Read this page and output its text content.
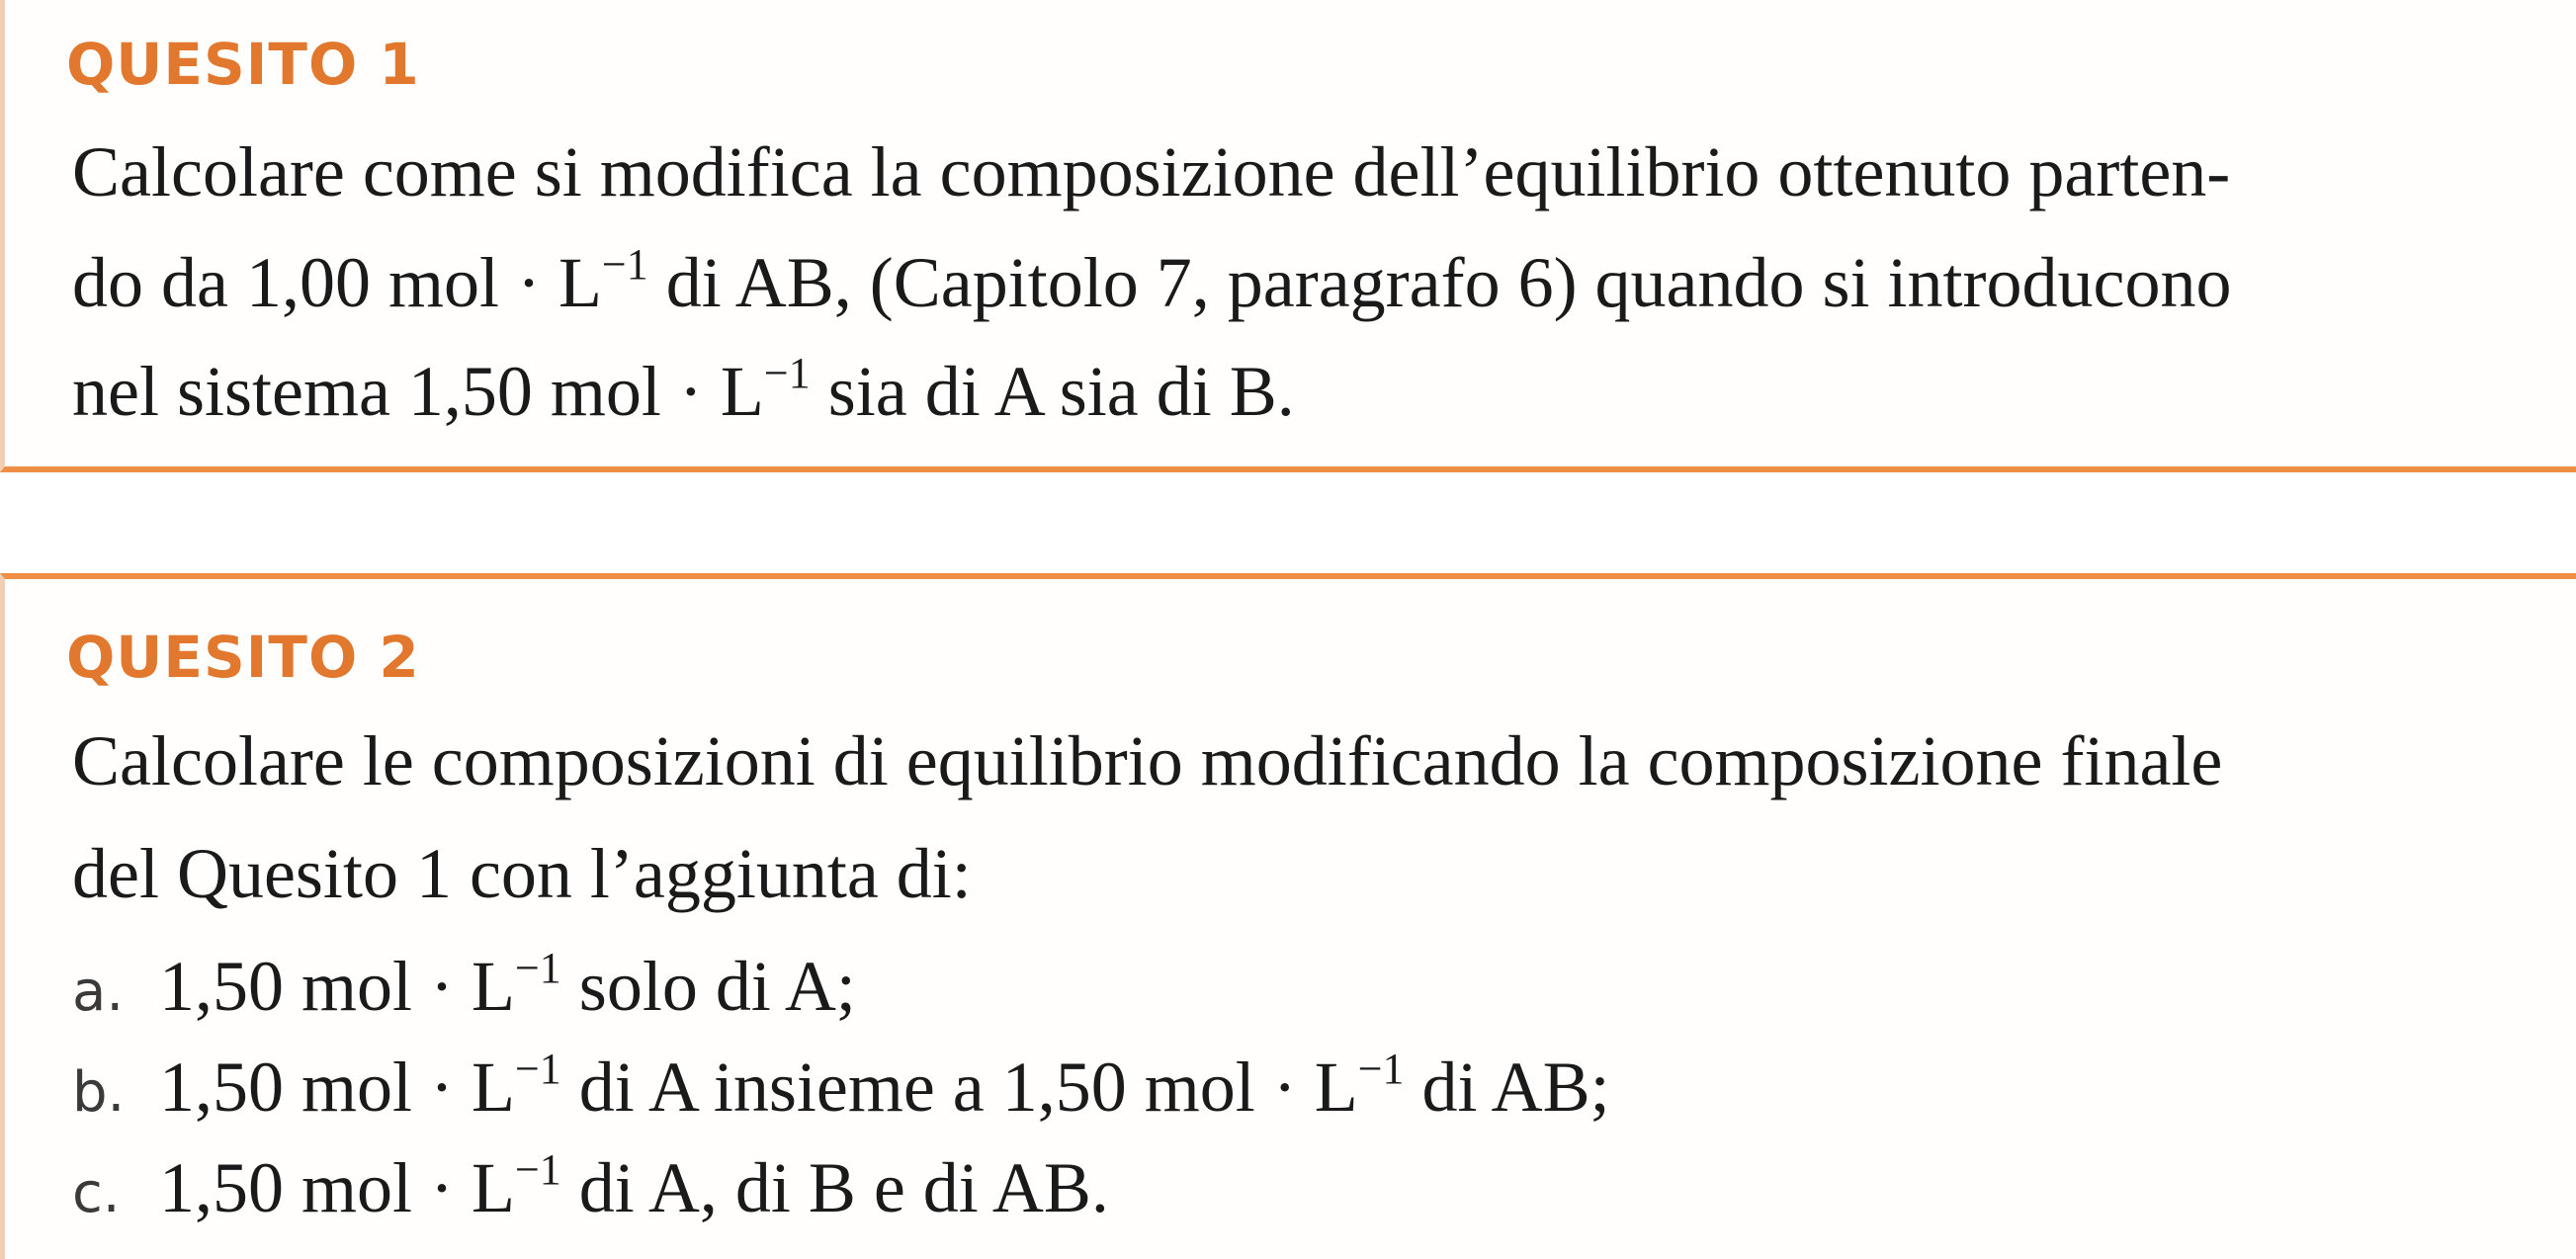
QUESITO 1

Calcolare come si modifica la composizione dell’equilibrio ottenuto parten-

do da 1,00 mol · $L^{-1}$ di AB, (Capitolo 7, paragrafo 6) quando si introducono

nel sistema 1,50 mol · $L^{-1}$ sia di A sia di B.

QUESITO 2

Calcolare le composizioni di equilibrio modificando la composizione finale

del Quesito 1 con l’aggiunta di:

a. 1,50 mol · $L^{-1}$ solo di A;

b. 1,50 mol · $L^{-1}$ di A insieme a 1,50 mol · $L^{-1}$ di AB;

c. 1,50 mol · $L^{-1}$ di A, di B e di AB.
